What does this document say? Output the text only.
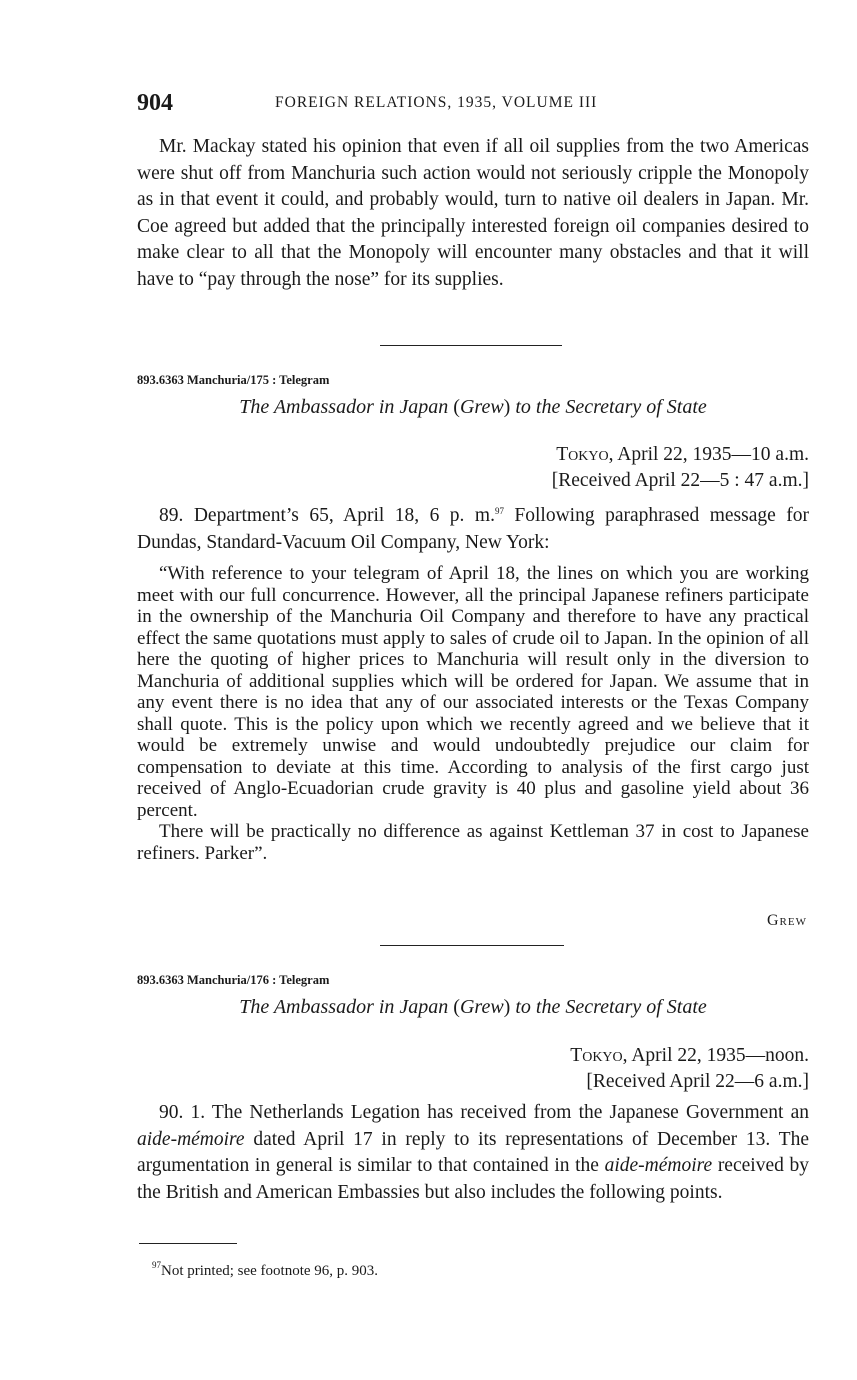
904	FOREIGN RELATIONS, 1935, VOLUME III

Mr. Mackay stated his opinion that even if all oil supplies from the two Americas were shut off from Manchuria such action would not seriously cripple the Monopoly as in that event it could, and probably would, turn to native oil dealers in Japan. Mr. Coe agreed but added that the principally interested foreign oil companies desired to make clear to all that the Monopoly will encounter many obstacles and that it will have to “pay through the nose” for its supplies.

893.6363 Manchuria/175 : Telegram
The Ambassador in Japan (Grew) to the Secretary of State
Tokyo, April 22, 1935—10 a.m.
[Received April 22—5 : 47 a.m.]

89. Department’s 65, April 18, 6 p. m.$^{97}$ Following paraphrased message for Dundas, Standard-Vacuum Oil Company, New York:

“With reference to your telegram of April 18, the lines on which you are working meet with our full concurrence. However, all the principal Japanese refiners participate in the ownership of the Manchuria Oil Company and therefore to have any practical effect the same quotations must apply to sales of crude oil to Japan. In the opinion of all here the quoting of higher prices to Manchuria will result only in the diversion to Manchuria of additional supplies which will be ordered for Japan. We assume that in any event there is no idea that any of our associated interests or the Texas Company shall quote. This is the policy upon which we recently agreed and we believe that it would be extremely unwise and would undoubtedly prejudice our claim for compensation to deviate at this time. According to analysis of the first cargo just received of Anglo-Ecuadorian crude gravity is 40 plus and gasoline yield about 36 percent.

There will be practically no difference as against Kettleman 37 in cost to Japanese refiners. Parker”.

Grew
893.6363 Manchuria/176 : Telegram
The Ambassador in Japan (Grew) to the Secretary of State
Tokyo, April 22, 1935—noon.
[Received April 22—6 a.m.]

90. 1. The Netherlands Legation has received from the Japanese Government an aide-mémoire dated April 17 in reply to its representations of December 13. The argumentation in general is similar to that contained in the aide-mémoire received by the British and American Embassies but also includes the following points.

$^{97}$Not printed; see footnote 96, p. 903.
